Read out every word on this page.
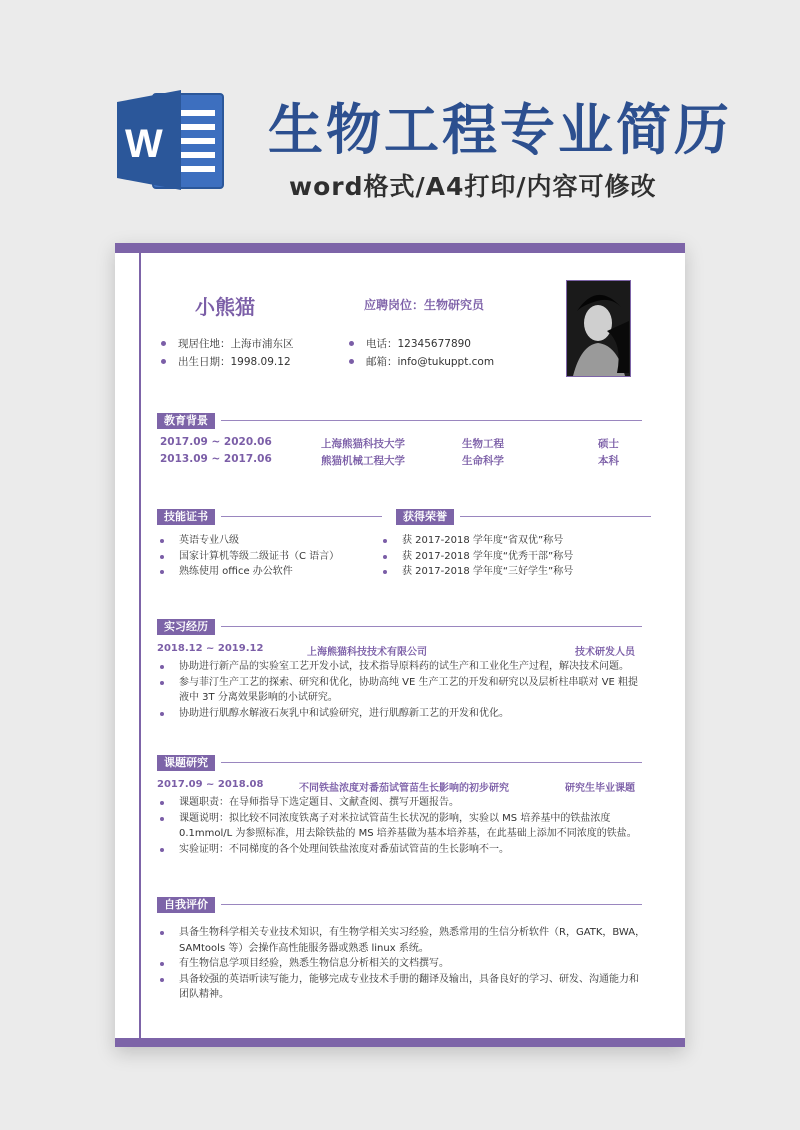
W 生物工程专业简历
word格式/A4打印/内容可修改
小熊猫	应聘岗位：生物研究员
现居住地：上海市浦东区
出生日期：1998.09.12
电话：12345677890
邮箱：info@tukuppt.com
教育背景
2017.09 ~ 2020.06	上海熊猫科技大学	生物工程	硕士
2013.09 ~ 2017.06	熊猫机械工程大学	生命科学	本科
技能证书
英语专业八级
国家计算机等级二级证书（C 语言）
熟练使用 office 办公软件
获得荣誉
获 2017-2018 学年度“省双优”称号
获 2017-2018 学年度“优秀干部”称号
获 2017-2018 学年度“三好学生”称号
实习经历
2018.12 ~ 2019.12	上海熊猫科技技术有限公司	技术研发人员
协助进行新产品的实验室工艺开发小试，技术指导原料药的试生产和工业化生产过程，解决技术问题。
参与菲汀生产工艺的探索、研究和优化，协助高纯 VE 生产工艺的开发和研究以及层析柱串联对 VE 粗提液中 3T 分离效果影响的小试研究。
协助进行肌醇水解液石灰乳中和试验研究，进行肌醇新工艺的开发和优化。
课题研究
2017.09 ~ 2018.08	不同铁盐浓度对番茄试管苗生长影响的初步研究	研究生毕业课题
课题职责：在导师指导下选定题目、文献查阅、撰写开题报告。
课题说明：拟比较不同浓度铁离子对米拉试管苗生长状况的影响，实验以 MS 培养基中的铁盐浓度 0.1mmol/L 为参照标准，用去除铁盐的 MS 培养基做为基本培养基，在此基础上添加不同浓度的铁盐。
实验证明：不同梯度的各个处理间铁盐浓度对番茄试管苗的生长影响不一。
自我评价
具备生物科学相关专业技术知识，有生物学相关实习经验，熟悉常用的生信分析软件（R，GATK，BWA，SAMtools 等）会操作高性能服务器或熟悉 linux 系统。
有生物信息学项目经验，熟悉生物信息分析相关的文档撰写。
具备较强的英语听读写能力，能够完成专业技术手册的翻译及输出，具备良好的学习、研发、沟通能力和团队精神。
